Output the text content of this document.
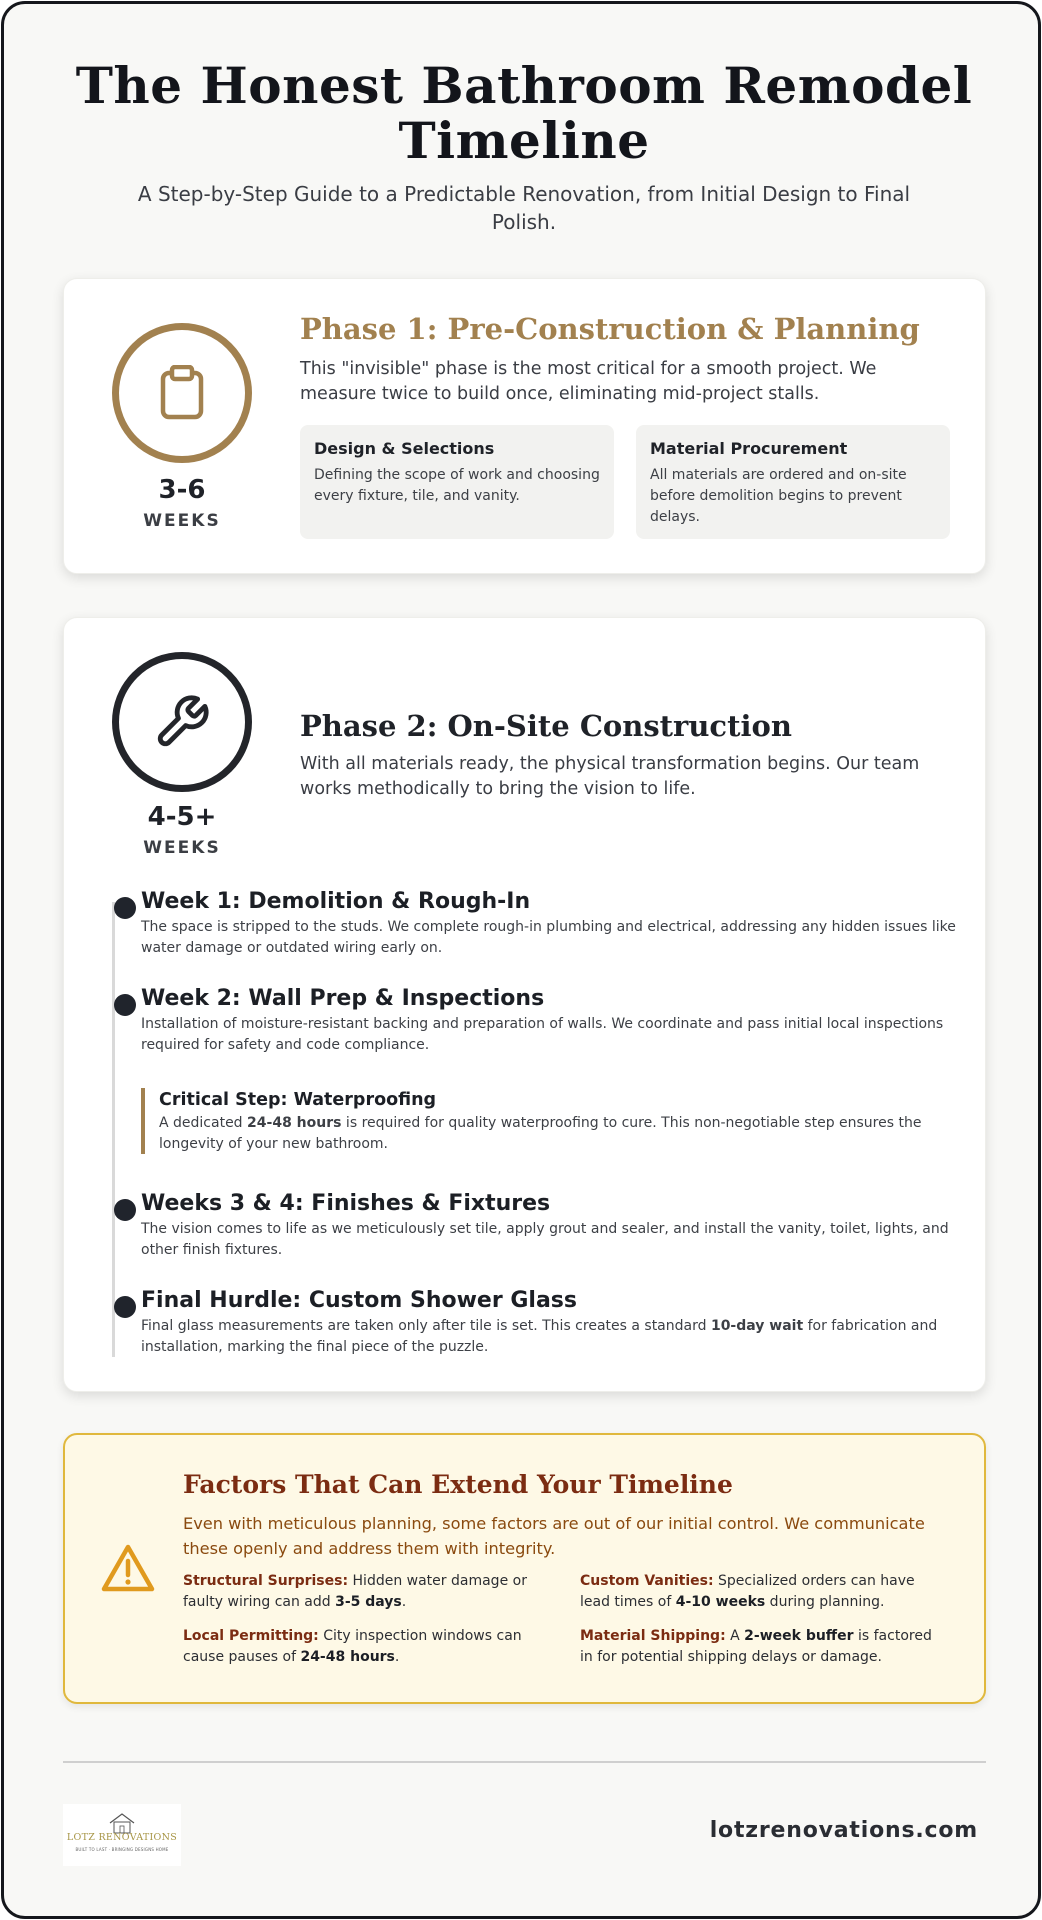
The Honest Bathroom Remodel Timeline

A Step-by-Step Guide to a Predictable Renovation, from Initial Design to Final Polish.

3-6
WEEKS
Phase 1: Pre-Construction & Planning

This "invisible" phase is the most critical for a smooth project. We measure twice to build once, eliminating mid-project stalls.

Design & Selections

Defining the scope of work and choosing every fixture, tile, and vanity.

Material Procurement

All materials are ordered and on-site before demolition begins to prevent delays.

4-5+
WEEKS
Phase 2: On-Site Construction

With all materials ready, the physical transformation begins. Our team works methodically to bring the vision to life.

Week 1: Demolition & Rough-In

The space is stripped to the studs. We complete rough-in plumbing and electrical, addressing any hidden issues like water damage or outdated wiring early on.

Week 2: Wall Prep & Inspections

Installation of moisture-resistant backing and preparation of walls. We coordinate and pass initial local inspections required for safety and code compliance.

Critical Step: Waterproofing

A dedicated 24-48 hours is required for quality waterproofing to cure. This non-negotiable step ensures the longevity of your new bathroom.

Weeks 3 & 4: Finishes & Fixtures

The vision comes to life as we meticulously set tile, apply grout and sealer, and install the vanity, toilet, lights, and other finish fixtures.

Final Hurdle: Custom Shower Glass

Final glass measurements are taken only after tile is set. This creates a standard 10-day wait for fabrication and installation, marking the final piece of the puzzle.

Factors That Can Extend Your Timeline

Even with meticulous planning, some factors are out of our initial control. We communicate these openly and address them with integrity.

Structural Surprises: Hidden water damage or faulty wiring can add 3-5 days.
Custom Vanities: Specialized orders can have lead times of 4-10 weeks during planning.
Local Permitting: City inspection windows can cause pauses of 24-48 hours.
Material Shipping: A 2-week buffer is factored in for potential shipping delays or damage.
LOTZ RENOVATIONS
BUILT TO LAST · BRINGING DESIGNS HOME
lotzrenovations.com
